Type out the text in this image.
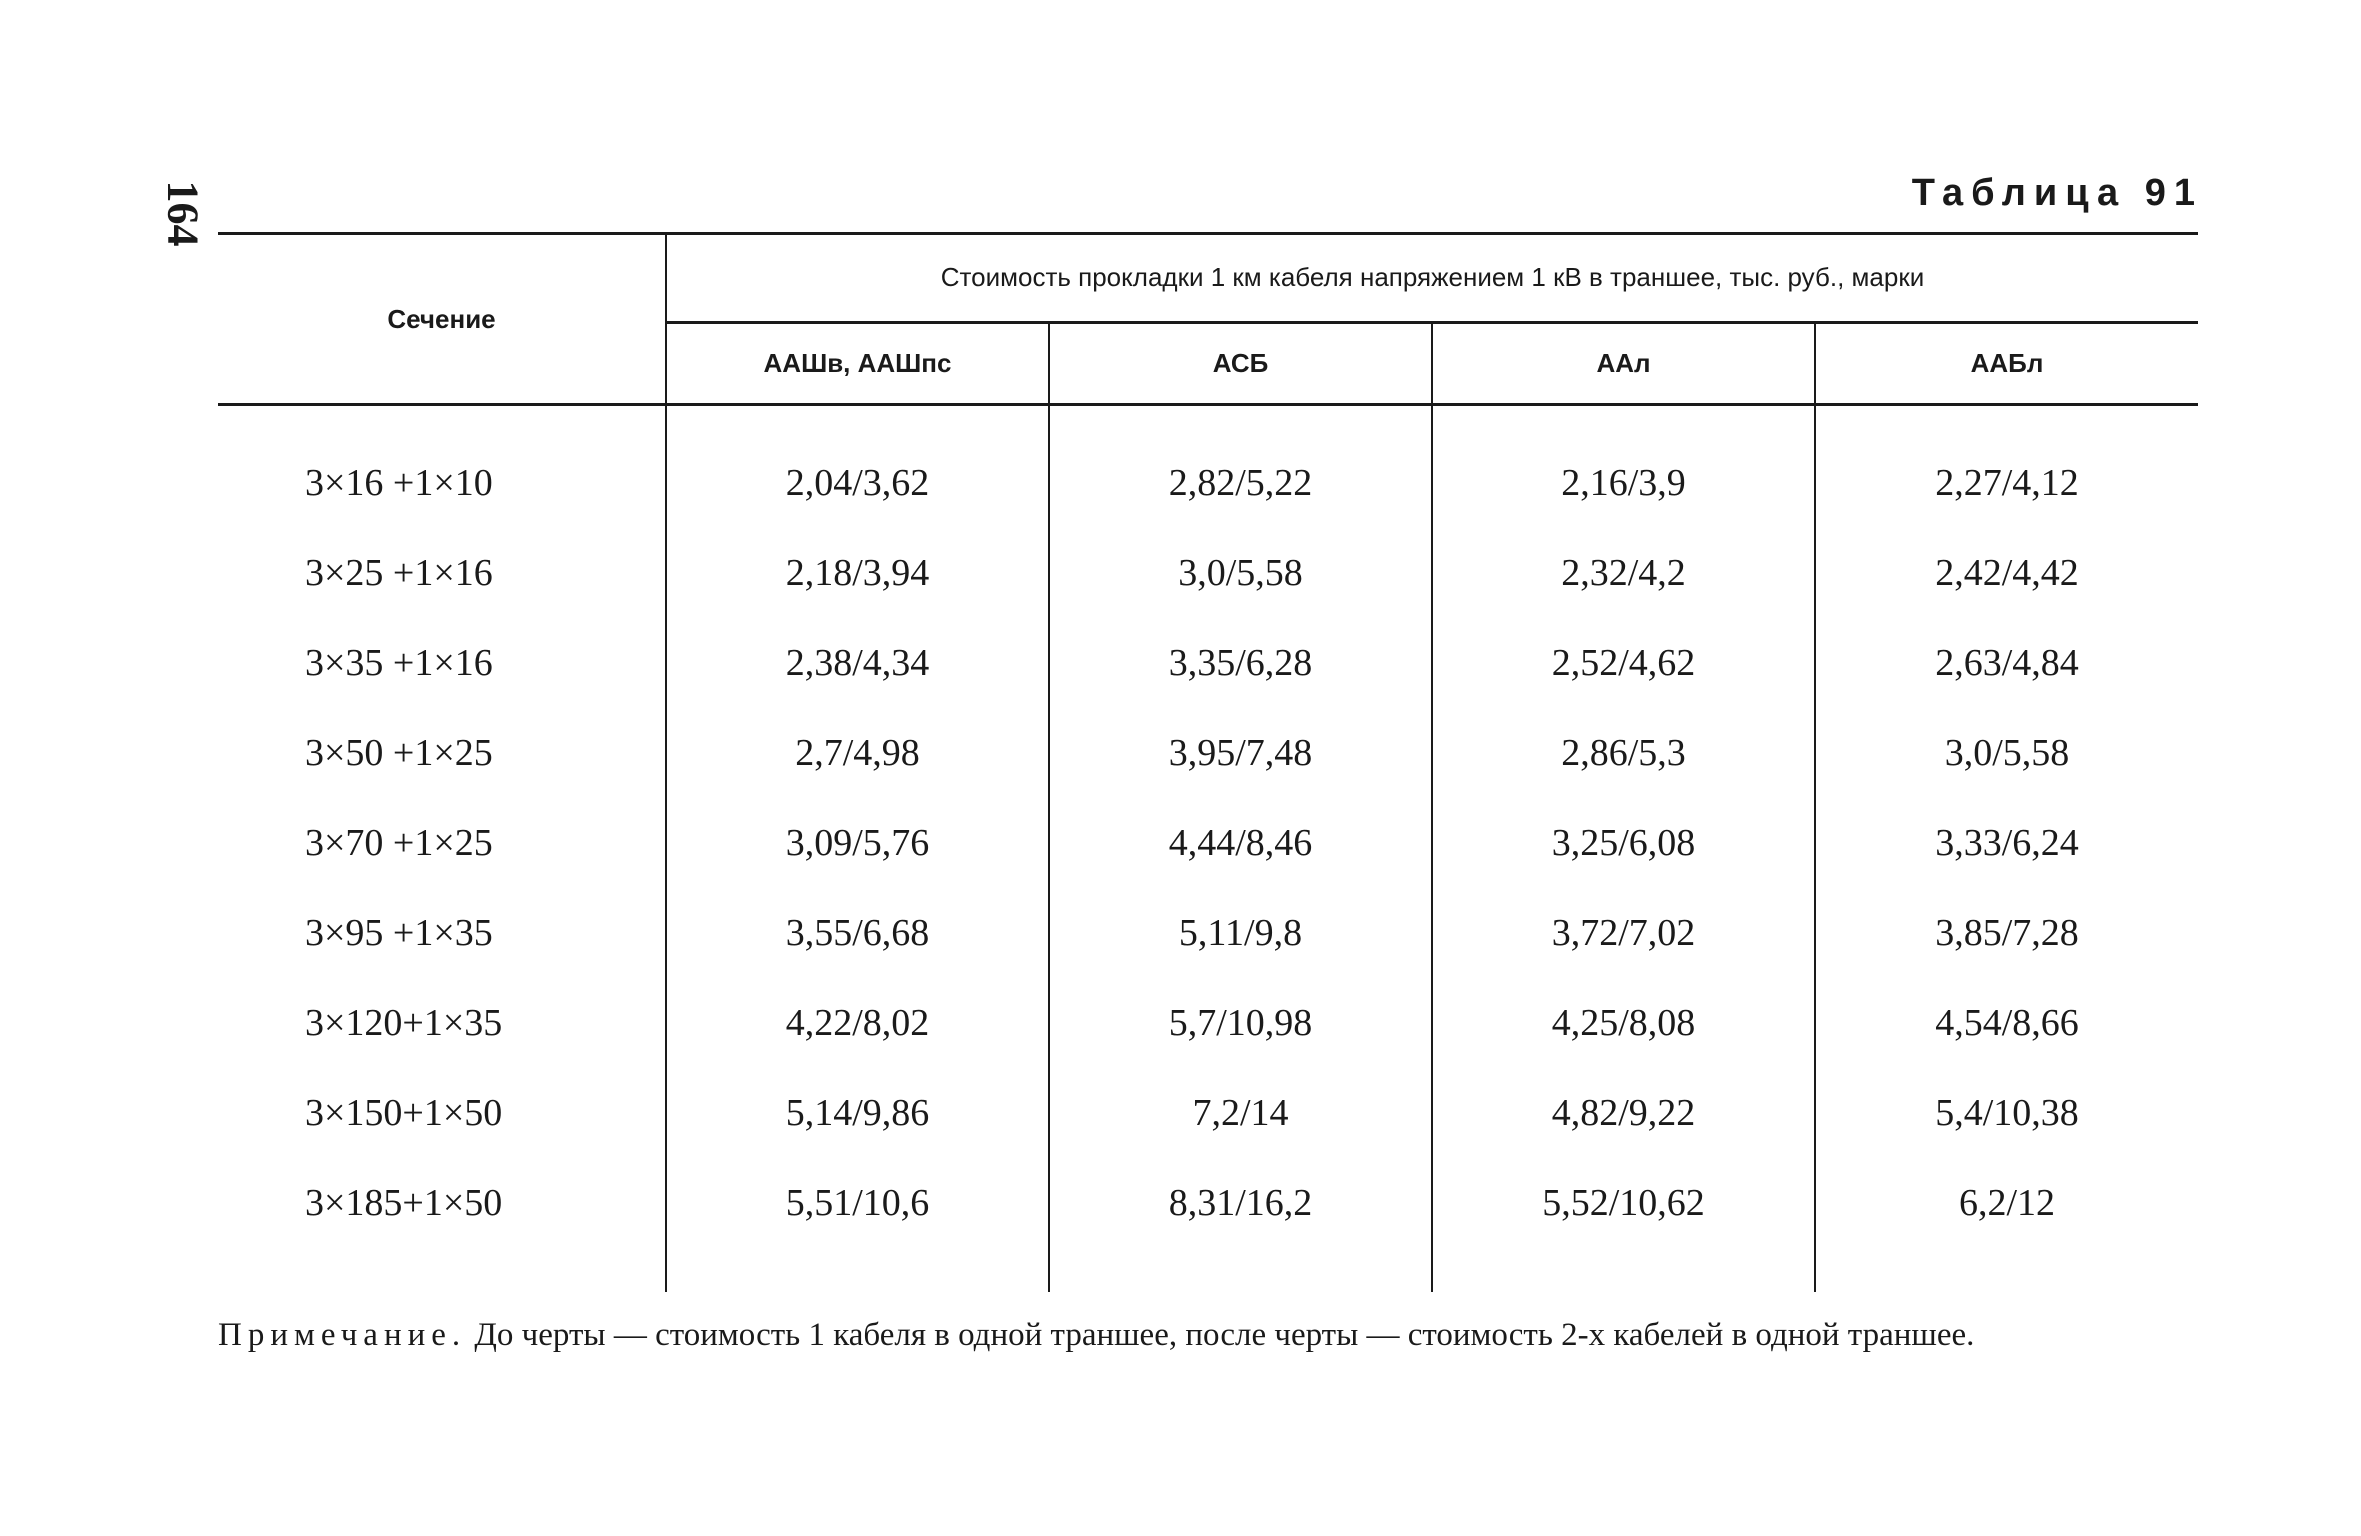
164	Таблица 91
Сечение	Стоимость прокладки 1 км кабеля напряжением 1 кВ в траншее, тыс. руб., марки			
	ААШв, ААШпс	АСБ	ААл	ААБл
3×16 +1×10	2,04/3,62	2,82/5,22	2,16/3,9	2,27/4,12
3×25 +1×16	2,18/3,94	3,0/5,58	2,32/4,2	2,42/4,42
3×35 +1×16	2,38/4,34	3,35/6,28	2,52/4,62	2,63/4,84
3×50 +1×25	2,7/4,98	3,95/7,48	2,86/5,3	3,0/5,58
3×70 +1×25	3,09/5,76	4,44/8,46	3,25/6,08	3,33/6,24
3×95 +1×35	3,55/6,68	5,11/9,8	3,72/7,02	3,85/7,28
3×120+1×35	4,22/8,02	5,7/10,98	4,25/8,08	4,54/8,66
3×150+1×50	5,14/9,86	7,2/14	4,82/9,22	5,4/10,38
3×185+1×50	5,51/10,6	8,31/16,2	5,52/10,62	6,2/12

Примечание. До черты — стоимость 1 кабеля в одной траншее, после черты — стоимость 2-х кабелей в одной траншее.
